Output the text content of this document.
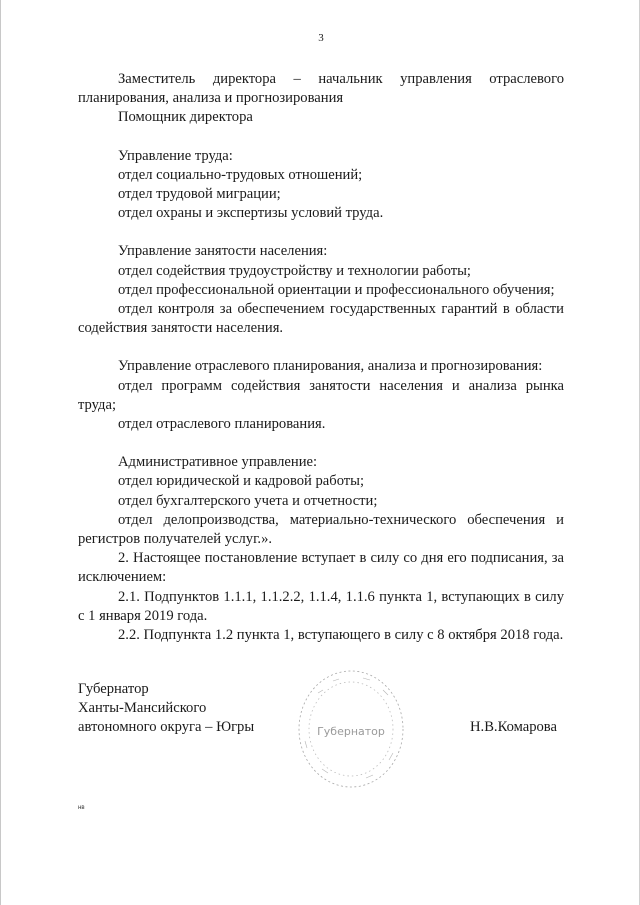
3

Заместитель директора – начальник управления отраслевого планирования, анализа и прогнозирования

Помощник директора

Управление труда:

отдел социально-трудовых отношений;

отдел трудовой миграции;

отдел охраны и экспертизы условий труда.

Управление занятости населения:

отдел содействия трудоустройству и технологии работы;

отдел профессиональной ориентации и профессионального обучения;

отдел контроля за обеспечением государственных гарантий в области содействия занятости населения.

Управление отраслевого планирования, анализа и прогнозирования:

отдел программ содействия занятости населения и анализа рынка труда;

отдел отраслевого планирования.

Административное управление:

отдел юридической и кадровой работы;

отдел бухгалтерского учета и отчетности;

отдел делопроизводства, материально-технического обеспечения и регистров получателей услуг.».

2. Настоящее постановление вступает в силу со дня его подписания, за исключением:

2.1. Подпунктов 1.1.1, 1.1.2.2, 1.1.4, 1.1.6 пункта 1, вступающих в силу с 1 января 2019 года.

2.2. Подпункта 1.2 пункта 1, вступающего в силу с 8 октября 2018 года.

Губернатор

Губернатор

Ханты-Мансийского

автономного округа – Югры	Н.В.Комарова
нв
